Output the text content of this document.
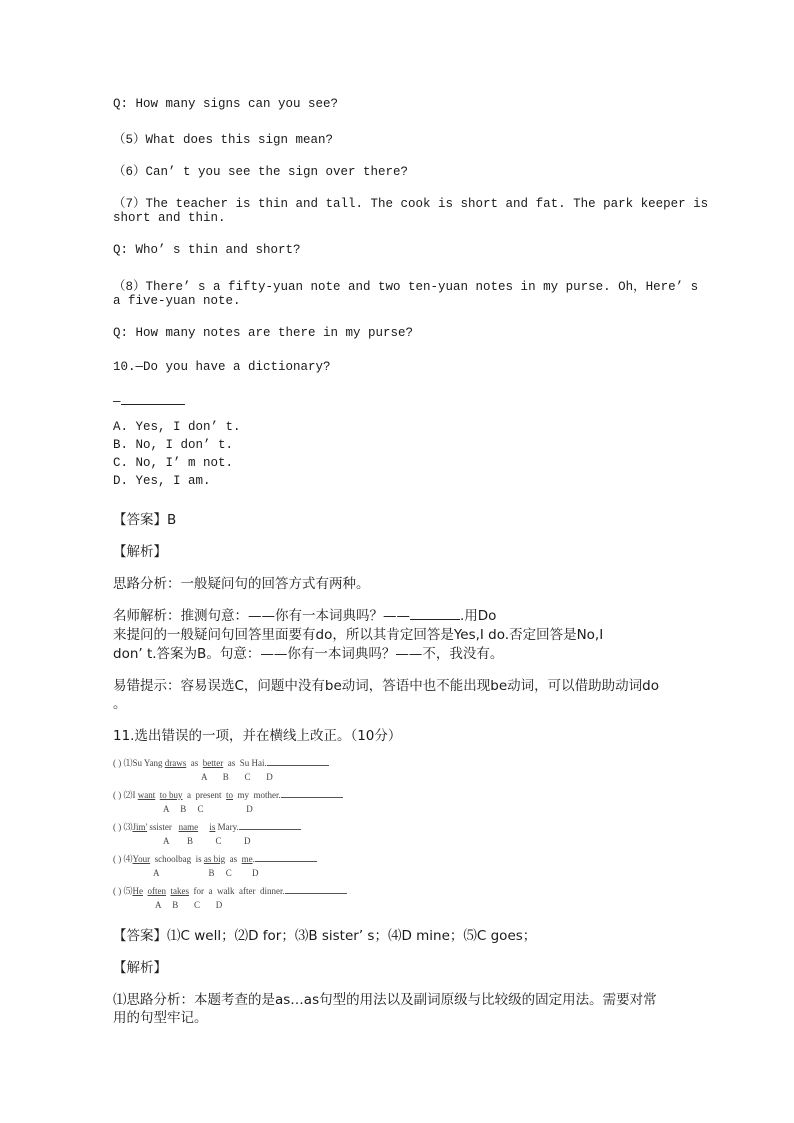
Q: How many signs can you see?
（5）What does this sign mean?
（6）Can’ t you see the sign over there?
（7）The teacher is thin and tall. The cook is short and fat. The park keeper is
short and thin.
Q: Who’ s thin and short?
（8）There’ s a fifty-yuan note and two ten-yuan notes in my purse. Oh，Here’ s
a five-yuan note.
Q: How many notes are there in my purse?
10.—Do you have a dictionary?
—
A. Yes, I don’ t.
B. No, I don’ t.
C. No, I’ m not.
D. Yes, I am.
【答案】B
【解析】
思路分析：一般疑问句的回答方式有两种。
名师解析：推测句意：——你有一本词典吗？——	.用Do
来提问的一般疑问句回答里面要有do，所以其肯定回答是Yes,I do.否定回答是No,I
don’ t.答案为B。句意：——你有一本词典吗？——不，我没有。
易错提示：容易误选C，问题中没有be动词，答语中也不能出现be动词，可以借助助动词do
。
11.选出错误的一项，并在横线上改正。（10分）
( ) ⑴Su Yang draws  as  better  as  Su Hai.
A       B       C       D
( ) ⑵I want to buy  a  present  to  my  mother.
A     B     C                   D
( ) ⑶Jim' ssister   name is Mary.
A        B          C          D
( ) ⑷Your  schoolbag  is as big  as  me.
A                      B     C         D
( ) ⑸He often takes  for  a  walk  after  dinner.
A     B       C       D
【答案】⑴C well；⑵D for；⑶B sister’ s；⑷D mine；⑸C goes；
【解析】
⑴思路分析：本题考查的是as…as句型的用法以及副词原级与比较级的固定用法。需要对常
用的句型牢记。
